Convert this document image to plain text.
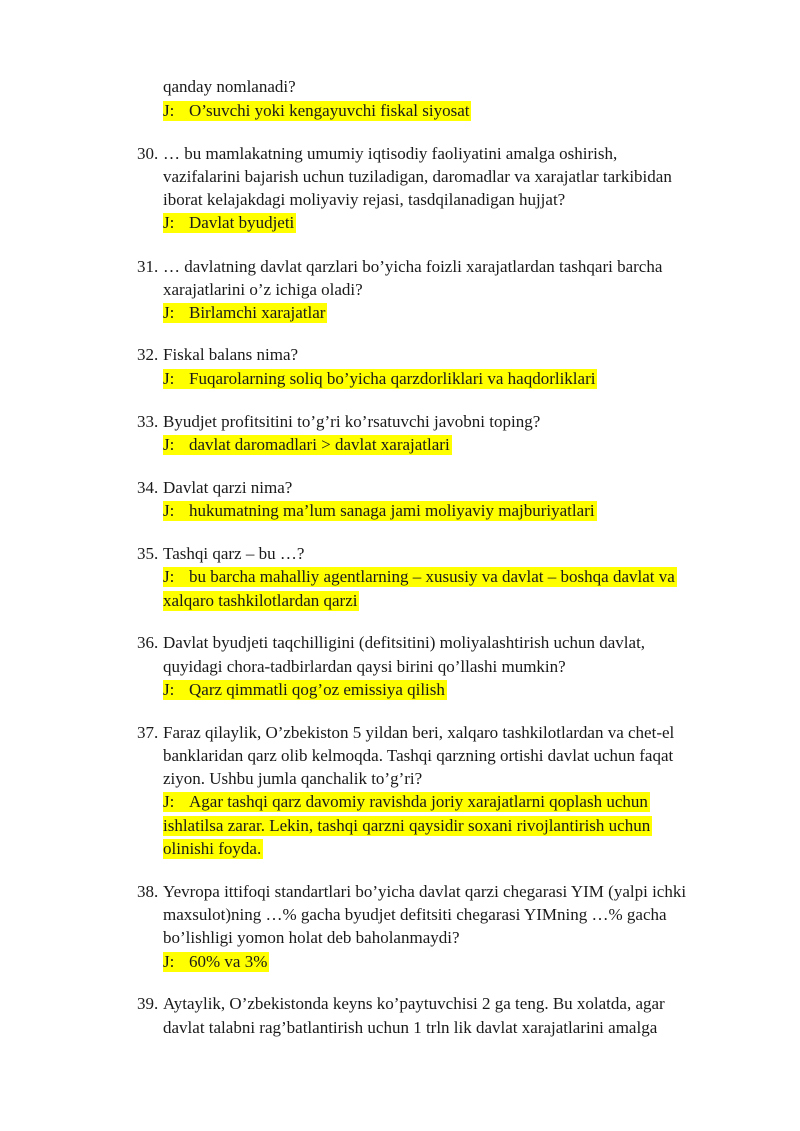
qanday nomlanadi?
J: O’suvchi yoki kengayuvchi fiskal siyosat
30. … bu mamlakatning umumiy iqtisodiy faoliyatini amalga oshirish,
vazifalarini bajarish uchun tuziladigan, daromadlar va xarajatlar tarkibidan
iborat kelajakdagi moliyaviy rejasi, tasdqilanadigan hujjat?
J: Davlat byudjeti
31. … davlatning davlat qarzlari bo’yicha foizli xarajatlardan tashqari barcha
xarajatlarini o’z ichiga oladi?
J: Birlamchi xarajatlar
32. Fiskal balans nima?
J: Fuqarolarning soliq bo’yicha qarzdorliklari va haqdorliklari
33. Byudjet profitsitini to’g’ri ko’rsatuvchi javobni toping?
J: davlat daromadlari > davlat xarajatlari
34. Davlat qarzi nima?
J: hukumatning ma’lum sanaga jami moliyaviy majburiyatlari
35. Tashqi qarz – bu …?
J: bu barcha mahalliy agentlarning – xususiy va davlat – boshqa davlat va
xalqaro tashkilotlardan qarzi
36. Davlat byudjeti taqchilligini (defitsitini) moliyalashtirish uchun davlat,
quyidagi chora-tadbirlardan qaysi birini qo’llashi mumkin?
J: Qarz qimmatli qog’oz emissiya qilish
37. Faraz qilaylik, O’zbekiston 5 yildan beri, xalqaro tashkilotlardan va chet-el
banklaridan qarz olib kelmoqda. Tashqi qarzning ortishi davlat uchun faqat
ziyon. Ushbu jumla qanchalik to’g’ri?
J: Agar tashqi qarz davomiy ravishda joriy xarajatlarni qoplash uchun
ishlatilsa zarar. Lekin, tashqi qarzni qaysidir soxani rivojlantirish uchun
olinishi foyda.
38. Yevropa ittifoqi standartlari bo’yicha davlat qarzi chegarasi YIM (yalpi ichki
maxsulot)ning …% gacha byudjet defitsiti chegarasi YIMning …% gacha
bo’lishligi yomon holat deb baholanmaydi?
J: 60% va 3%
39. Aytaylik, O’zbekistonda keyns ko’paytuvchisi 2 ga teng. Bu xolatda, agar
davlat talabni rag’batlantirish uchun 1 trln lik davlat xarajatlarini amalga
